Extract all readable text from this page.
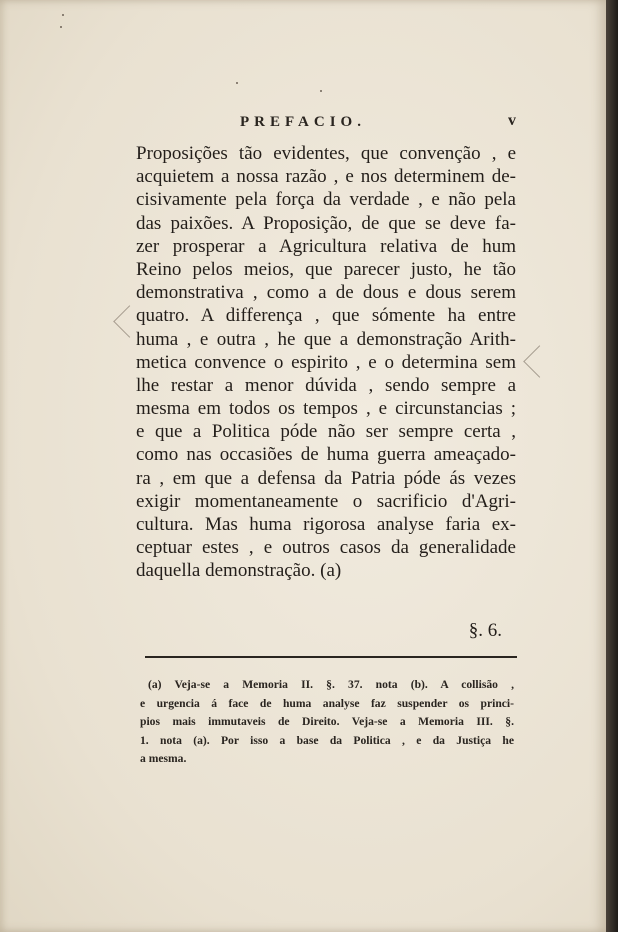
PREFACIO.	v
Proposições tão evidentes, que convenção , e
acquietem a nossa razão , e nos determinem de-
cisivamente pela força da verdade , e não pela
das paixões. A Proposição, de que se deve fa-
zer prosperar a Agricultura relativa de hum
Reino pelos meios, que parecer justo, he tão
demonstrativa , como a de dous e dous serem
quatro. A differença , que sómente ha entre
huma , e outra , he que a demonstração Arith-
metica convence o espirito , e o determina sem
lhe restar a menor dúvida , sendo sempre a
mesma em todos os tempos , e circunstancias ;
e que a Politica póde não ser sempre certa ,
como nas occasiões de huma guerra ameaçado-
ra , em que a defensa da Patria póde ás vezes
exigir momentaneamente o sacrificio d'Agri-
cultura. Mas huma rigorosa analyse faria ex-
ceptuar estes , e outros casos da generalidade
daquella demonstração. (a)
§. 6.
(a) Veja-se a Memoria II. §. 37. nota (b). A collisão ,
e urgencia á face de huma analyse faz suspender os princi-
pios mais immutaveis de Direito. Veja-se a Memoria III. §.
1. nota (a). Por isso a base da Politica , e da Justiça he
a mesma.
